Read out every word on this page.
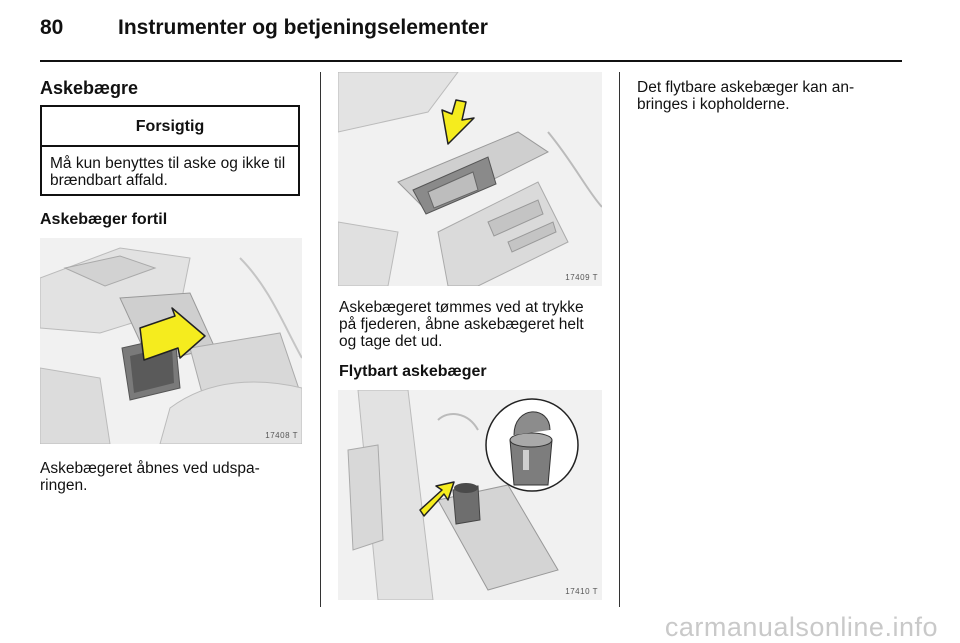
80	Instrumenter og betjeningselementer
Askebægre
Forsigtig
Må kun benyttes til aske og ikke til brændbart affald.
Askebæger fortil
17408 T
Askebægeret åbnes ved udspa- ringen.
17409 T
Askebægeret tømmes ved at trykke på fjederen, åbne askebægeret helt og tage det ud.
Flytbart askebæger
17410 T
Det flytbare askebæger kan an- bringes i kopholderne.
carmanualsonline.info
